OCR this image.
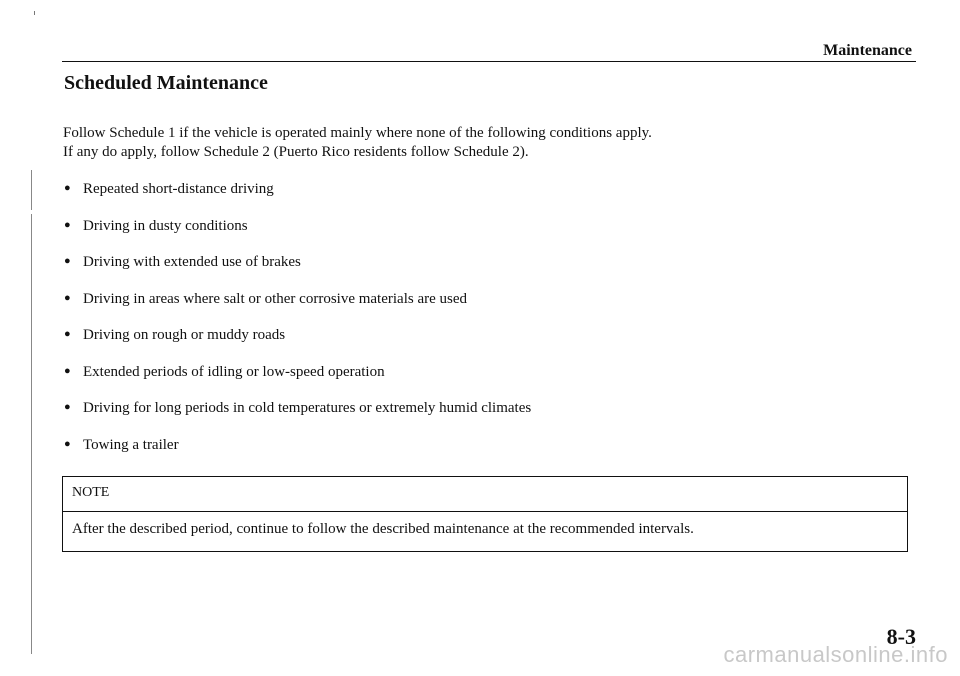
Maintenance
Scheduled Maintenance

Follow Schedule 1 if the vehicle is operated mainly where none of the following conditions apply.

If any do apply, follow Schedule 2 (Puerto Rico residents follow Schedule 2).

● Repeated short-distance driving
● Driving in dusty conditions
● Driving with extended use of brakes
● Driving in areas where salt or other corrosive materials are used
● Driving on rough or muddy roads
● Extended periods of idling or low-speed operation
● Driving for long periods in cold temperatures or extremely humid climates
● Towing a trailer
NOTE
After the described period, continue to follow the described maintenance at the recommended intervals.
8-3
carmanualsonline.info
